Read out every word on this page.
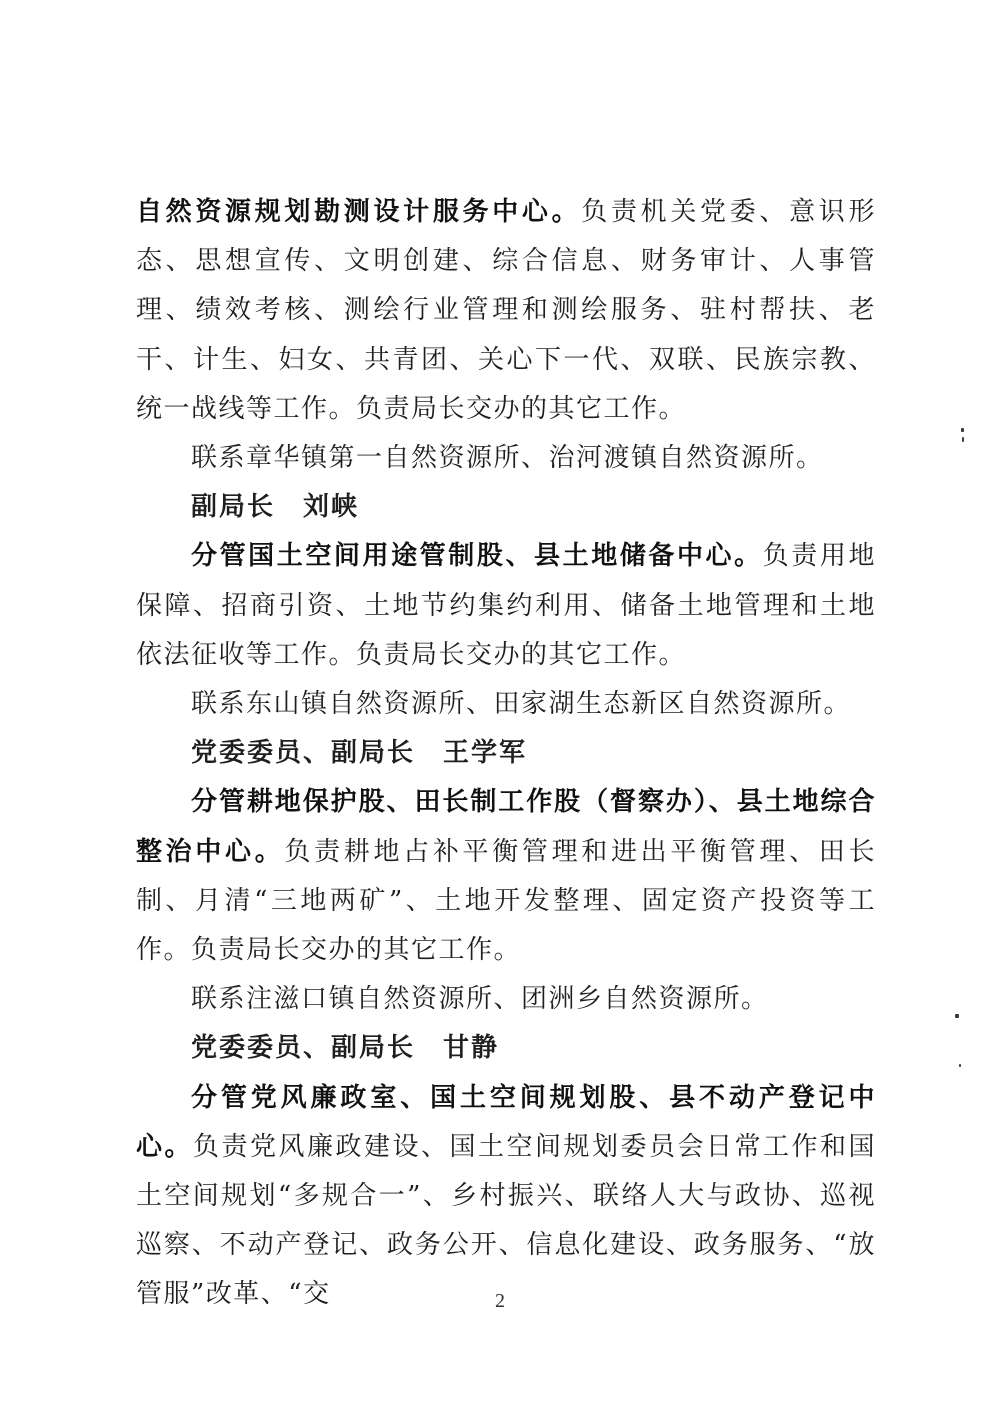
自然资源规划勘测设计服务中心。负责机关党委、意识形态、思想宣传、文明创建、综合信息、财务审计、人事管理、绩效考核、测绘行业管理和测绘服务、驻村帮扶、老干、计生、妇女、共青团、关心下一代、双联、民族宗教、统一战线等工作。负责局长交办的其它工作。

联系章华镇第一自然资源所、治河渡镇自然资源所。

副局长 刘峡

分管国土空间用途管制股、县土地储备中心。负责用地保障、招商引资、土地节约集约利用、储备土地管理和土地依法征收等工作。负责局长交办的其它工作。

联系东山镇自然资源所、田家湖生态新区自然资源所。

党委委员、副局长 王学军

分管耕地保护股、田长制工作股（督察办）、县土地综合整治中心。负责耕地占补平衡管理和进出平衡管理、田长制、月清“三地两矿”、土地开发整理、固定资产投资等工作。负责局长交办的其它工作。

联系注滋口镇自然资源所、团洲乡自然资源所。

党委委员、副局长 甘静

分管党风廉政室、国土空间规划股、县不动产登记中心。负责党风廉政建设、国土空间规划委员会日常工作和国土空间规划“多规合一”、乡村振兴、联络人大与政协、巡视巡察、不动产登记、政务公开、信息化建设、政务服务、“放管服”改革、“交	2
